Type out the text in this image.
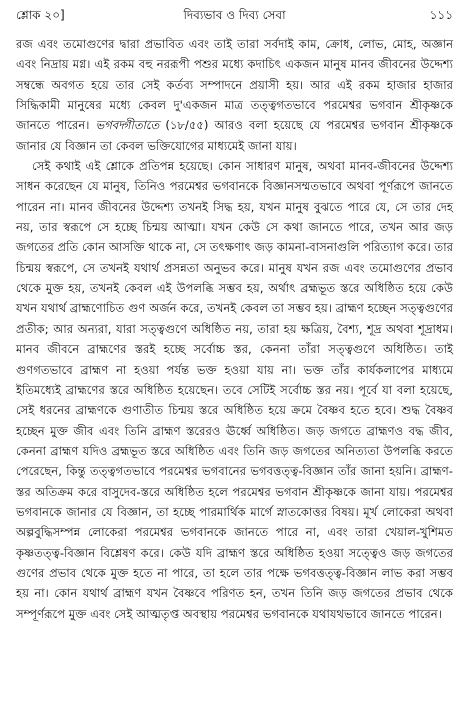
শ্লোক ২০]	দিব্যভাব ও দিব্য সেবা	১১১

রজ এবং তমোগুণের দ্বারা প্রভাবিত এবং তাই তারা সর্বদাই কাম, ক্রোধ, লোভ, মোহ, অজ্ঞান এবং নিদ্রায় মগ্ন। এই রকম বহু নররূপী পশুর মধ্যে কদাচিৎ একজন মানুষ মানব জীবনের উদ্দেশ্য সম্বন্ধে অবগত হয়ে তার সেই কর্তব্য সম্পাদনে প্রয়াসী হয়। আর এই রকম হাজার হাজার সিদ্ধিকামী মানুষের মধ্যে কেবল দু'একজন মাত্র তত্ত্বগতভাবে পরমেশ্বর ভগবান শ্রীকৃষ্ণকে জানতে পারেন। ভগবদ্গীতাতে (১৮/৫৫) আরও বলা হয়েছে যে পরমেশ্বর ভগবান শ্রীকৃষ্ণকে জানার যে বিজ্ঞান তা কেবল ভক্তিযোগের মাধ্যমেই জানা যায়।

সেই কথাই এই শ্লোকে প্রতিপন্ন হয়েছে। কোন সাধারণ মানুষ, অথবা মানব-জীবনের উদ্দেশ্য সাধন করেছেন যে মানুষ, তিনিও পরমেশ্বর ভগবানকে বিজ্ঞানসম্মতভাবে অথবা পূর্ণরূপে জানতে পারেন না। মানব জীবনের উদ্দেশ্য তখনই সিদ্ধ হয়, যখন মানুষ বুঝতে পারে যে, সে তার দেহ নয়, তার স্বরূপে সে হচ্ছে চিন্ময় আত্মা। যখন কেউ সে কথা জানতে পারে, তখন আর জড় জগতের প্রতি কোন আসক্তি থাকে না, সে তৎক্ষণাৎ জড় কামনা-বাসনাগুলি পরিত্যাগ করে। তার চিন্ময় স্বরূপে, সে তখনই যথার্থ প্রসন্নতা অনুভব করে। মানুষ যখন রজ এবং তমোগুণের প্রভাব থেকে মুক্ত হয়, তখনই কেবল এই উপলব্ধি সম্ভব হয়, অর্থাৎ ব্রহ্মভূত স্তরে অধিষ্ঠিত হয়ে কেউ যখন যথার্থ ব্রাহ্মণোচিত গুণ অর্জন করে, তখনই কেবল তা সম্ভব হয়। ব্রাহ্মণ হচ্ছেন সত্ত্বগুণের প্রতীক; আর অন্যরা, যারা সত্ত্বগুণে অধিষ্ঠিত নয়, তারা হয় ক্ষত্রিয়, বৈশ্য, শূদ্র অথবা শূদ্রাধম। মানব জীবনে ব্রাহ্মণের স্তরই হচ্ছে সর্বোচ্চ স্তর, কেননা তাঁরা সত্ত্বগুণে অধিষ্ঠিত। তাই গুণগতভাবে ব্রাহ্মণ না হওয়া পর্যন্ত ভক্ত হওয়া যায় না। ভক্ত তাঁর কার্যকলাপের মাধ্যমে ইতিমধ্যেই ব্রাহ্মণের স্তরে অধিষ্ঠিত হয়েছেন। তবে সেটিই সর্বোচ্চ স্তর নয়। পূর্বে যা বলা হয়েছে, সেই ধরনের ব্রাহ্মণকে গুণাতীত চিন্ময় স্তরে অধিষ্ঠিত হয়ে ক্রমে বৈষ্ণব হতে হবে। শুদ্ধ বৈষ্ণব হচ্ছেন মুক্ত জীব এবং তিনি ব্রাহ্মণ স্তরেরও ঊর্ধ্বে অধিষ্ঠিত। জড় জগতে ব্রাহ্মণও বদ্ধ জীব, কেননা ব্রাহ্মণ যদিও ব্রহ্মভূত স্তরে অধিষ্ঠিত এবং তিনি জড় জগতের অনিত্যতা উপলব্ধি করতে পেরেছেন, কিন্তু তত্ত্বগতভাবে পরমেশ্বর ভগবানের ভগবত্তত্ত্ব-বিজ্ঞান তাঁর জানা হয়নি। ব্রাহ্মণ-স্তর অতিক্রম করে বাসুদেব-স্তরে অধিষ্ঠিত হলে পরমেশ্বর ভগবান শ্রীকৃষ্ণকে জানা যায়। পরমেশ্বর ভগবানকে জানার যে বিজ্ঞান, তা হচ্ছে পারমার্থিক মার্গে স্নাতকোত্তর বিষয়। মূর্খ লোকেরা অথবা অল্পবুদ্ধিসম্পন্ন লোকেরা পরমেশ্বর ভগবানকে জানতে পারে না, এবং তারা খেয়াল-খুশিমত কৃষ্ণতত্ত্ব-বিজ্ঞান বিশ্লেষণ করে। কেউ যদি ব্রাহ্মণ স্তরে অধিষ্ঠিত হওয়া সত্ত্বেও জড় জগতের গুণের প্রভাব থেকে মুক্ত হতে না পারে, তা হলে তার পক্ষে ভগবত্তত্ত্ব-বিজ্ঞান লাভ করা সম্ভব হয় না। কোন যথার্থ ব্রাহ্মণ যখন বৈষ্ণবে পরিণত হন, তখন তিনি জড় জগতের প্রভাব থেকে সম্পূর্ণরূপে মুক্ত এবং সেই আত্মতৃপ্ত অবস্থায় পরমেশ্বর ভগবানকে যথাযথভাবে জানতে পারেন।
